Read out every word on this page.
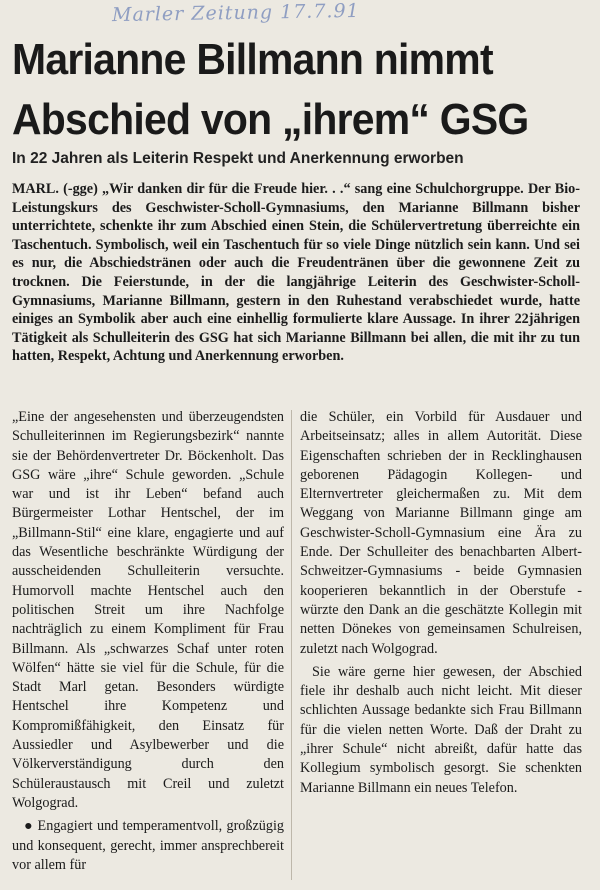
Marler Zeitung 17.7.91
Marianne Billmann nimmt
Abschied von „ihrem“ GSG
In 22 Jahren als Leiterin Respekt und Anerkennung erworben
MARL. (-gge) „Wir danken dir für die Freude hier. . .“ sang eine Schulchorgruppe. Der Bio-Leistungskurs des Geschwister-Scholl-Gymnasiums, den Marianne Billmann bisher unterrichtete, schenkte ihr zum Abschied einen Stein, die Schülervertretung überreichte ein Taschentuch. Symbolisch, weil ein Taschentuch für so viele Dinge nützlich sein kann. Und sei es nur, die Abschiedstränen oder auch die Freudentränen über die gewonnene Zeit zu trocknen. Die Feierstunde, in der die langjährige Leiterin des Geschwister-Scholl-Gymnasiums, Marianne Billmann, gestern in den Ruhestand verabschiedet wurde, hatte einiges an Symbolik aber auch eine einhellig formulierte klare Aussage. In ihrer 22jährigen Tätigkeit als Schulleiterin des GSG hat sich Marianne Billmann bei allen, die mit ihr zu tun hatten, Respekt, Achtung und Anerkennung erworben.

„Eine der angesehensten und überzeugendsten Schulleiterinnen im Regierungsbezirk“ nannte sie der Behördenvertreter Dr. Böckenholt. Das GSG wäre „ihre“ Schule geworden. „Schule war und ist ihr Leben“ befand auch Bürgermeister Lothar Hentschel, der im „Billmann-Stil“ eine klare, engagierte und auf das Wesentliche beschränkte Würdigung der ausscheidenden Schulleiterin versuchte. Humorvoll machte Hentschel auch den politischen Streit um ihre Nachfolge nachträglich zu einem Kompliment für Frau Billmann. Als „schwarzes Schaf unter roten Wölfen“ hätte sie viel für die Schule, für die Stadt Marl getan. Besonders würdigte Hentschel ihre Kompetenz und Kompromißfähigkeit, den Einsatz für Aussiedler und Asylbewerber und die Völkerverständigung durch den Schüleraustausch mit Creil und zuletzt Wolgograd.

● Engagiert und temperamentvoll, großzügig und konsequent, gerecht, immer ansprechbereit vor allem für

die Schüler, ein Vorbild für Ausdauer und Arbeitseinsatz; alles in allem Autorität. Diese Eigenschaften schrieben der in Recklinghausen geborenen Pädagogin Kollegen- und Elternvertreter gleichermaßen zu. Mit dem Weggang von Marianne Billmann ginge am Geschwister-Scholl-Gymnasium eine Ära zu Ende. Der Schulleiter des benachbarten Albert-Schweitzer-Gymnasiums - beide Gymnasien kooperieren bekanntlich in der Oberstufe - würzte den Dank an die geschätzte Kollegin mit netten Dönekes von gemeinsamen Schulreisen, zuletzt nach Wolgograd.

Sie wäre gerne hier gewesen, der Abschied fiele ihr deshalb auch nicht leicht. Mit dieser schlichten Aussage bedankte sich Frau Billmann für die vielen netten Worte. Daß der Draht zu „ihrer Schule“ nicht abreißt, dafür hatte das Kollegium symbolisch gesorgt. Sie schenkten Marianne Billmann ein neues Telefon.
